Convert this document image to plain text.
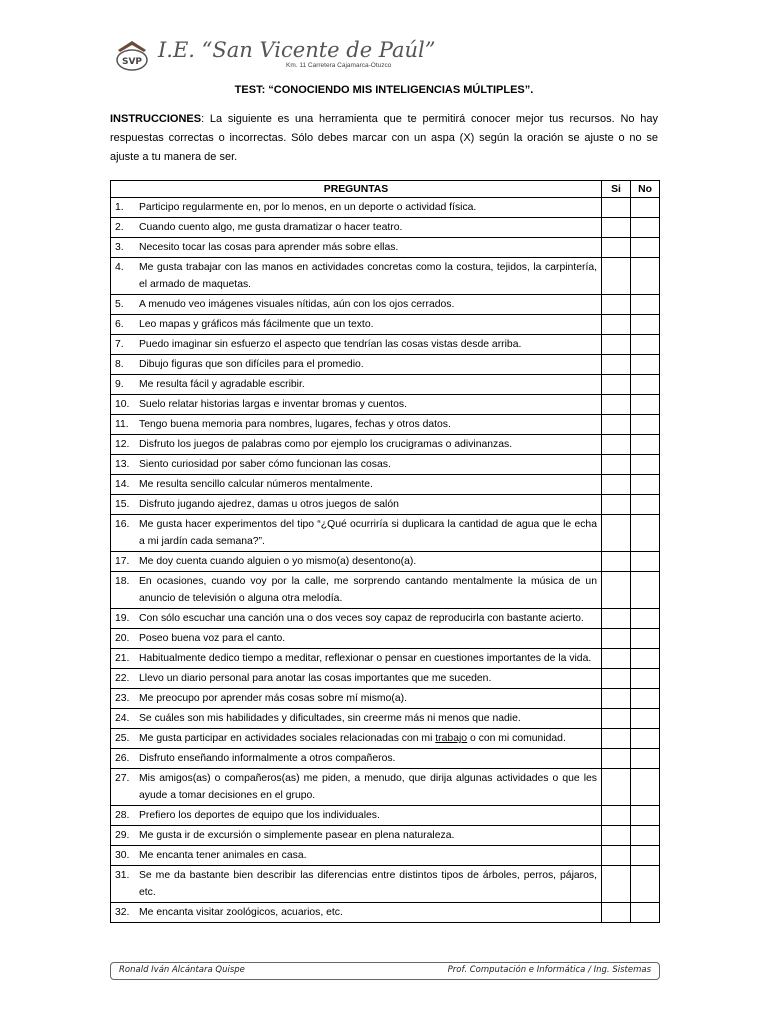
SVP I.E. “San Vicente de Paúl”
Km. 11 Carretera Cajamarca-Otuzco
TEST: “CONOCIENDO MIS INTELIGENCIAS MÚLTIPLES”.
INSTRUCCIONES: La siguiente es una herramienta que te permitirá conocer mejor tus recursos. No hay respuestas correctas o incorrectas. Sólo debes marcar con un aspa (X) según la oración se ajuste o no se ajuste a tu manera de ser.
PREGUNTAS	Si	No

1. Participo regularmente en, por lo menos, en un deporte o actividad física.		

2. Cuando cuento algo, me gusta dramatizar o hacer teatro.		

3. Necesito tocar las cosas para aprender más sobre ellas.		

4. Me gusta trabajar con las manos en actividades concretas como la costura, tejidos, la carpintería, el armado de maquetas.		

5. A menudo veo imágenes visuales nítidas, aún con los ojos cerrados.		

6. Leo mapas y gráficos más fácilmente que un texto.		

7. Puedo imaginar sin esfuerzo el aspecto que tendrían las cosas vistas desde arriba.		

8. Dibujo figuras que son difíciles para el promedio.		

9. Me resulta fácil y agradable escribir.		

10. Suelo relatar historias largas e inventar bromas y cuentos.		

11. Tengo buena memoria para nombres, lugares, fechas y otros datos.		

12. Disfruto los juegos de palabras como por ejemplo los crucigramas o adivinanzas.		

13. Siento curiosidad por saber cómo funcionan las cosas.		

14. Me resulta sencillo calcular números mentalmente.		

15. Disfruto jugando ajedrez, damas u otros juegos de salón		

16. Me gusta hacer experimentos del tipo “¿Qué ocurriría si duplicara la cantidad de agua que le echa a mi jardín cada semana?”.		

17. Me doy cuenta cuando alguien o yo mismo(a) desentono(a).		

18. En ocasiones, cuando voy por la calle, me sorprendo cantando mentalmente la música de un anuncio de televisión o alguna otra melodía.		

19. Con sólo escuchar una canción una o dos veces soy capaz de reproducirla con bastante acierto.		

20. Poseo buena voz para el canto.		

21. Habitualmente dedico tiempo a meditar, reflexionar o pensar en cuestiones importantes de la vida.		

22. Llevo un diario personal para anotar las cosas importantes que me suceden.		

23. Me preocupo por aprender más cosas sobre mí mismo(a).		

24. Se cuáles son mis habilidades y dificultades, sin creerme más ni menos que nadie.		

25. Me gusta participar en actividades sociales relacionadas con mi trabajo o con mi comunidad.		

26. Disfruto enseñando informalmente a otros compañeros.		

27. Mis amigos(as) o compañeros(as) me piden, a menudo, que dirija algunas actividades o que les ayude a tomar decisiones en el grupo.		

28. Prefiero los deportes de equipo que los individuales.		

29. Me gusta ir de excursión o simplemente pasear en plena naturaleza.		

30. Me encanta tener animales en casa.		

31. Se me da bastante bien describir las diferencias entre distintos tipos de árboles, perros, pájaros, etc.		

32. Me encanta visitar zoológicos, acuarios, etc.		

Ronald Iván Alcántara Quispe	Prof. Computación e Informática / Ing. Sistemas
